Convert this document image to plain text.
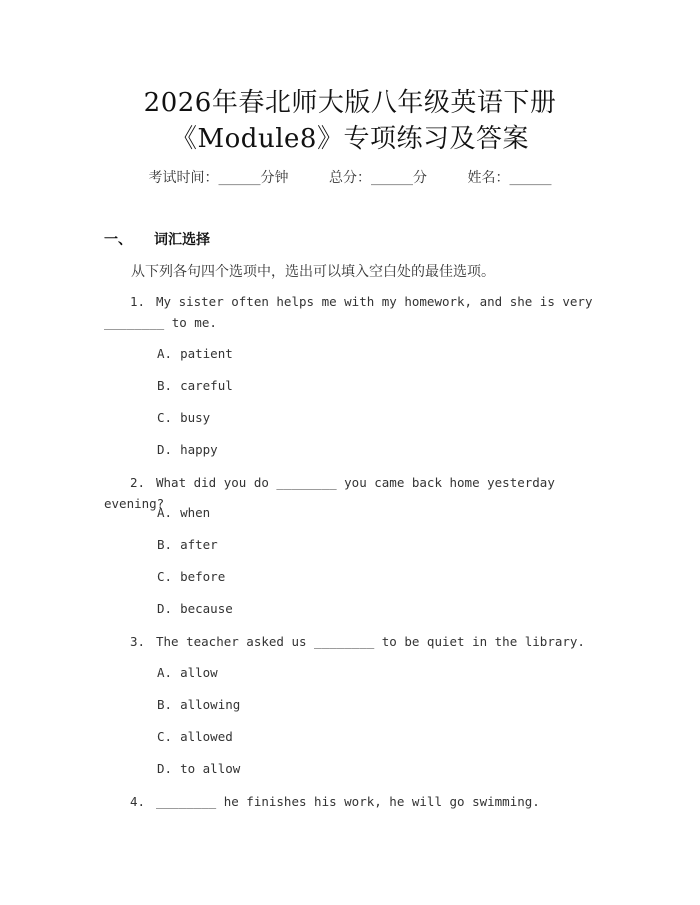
2026年春北师大版八年级英语下册
《Module8》专项练习及答案
考试时间：______分钟	总分：______分	姓名：______
一、 词汇选择
从下列各句四个选项中，选出可以填入空白处的最佳选项。
1. My sister often helps me with my homework, and she is very
________ to me.
A. patient
B. careful
C. busy
D. happy
2. What did you do ________ you came back home yesterday evening?
A. when
B. after
C. before
D. because
3. The teacher asked us ________ to be quiet in the library.
A. allow
B. allowing
C. allowed
D. to allow
4. ________ he finishes his work, he will go swimming.
